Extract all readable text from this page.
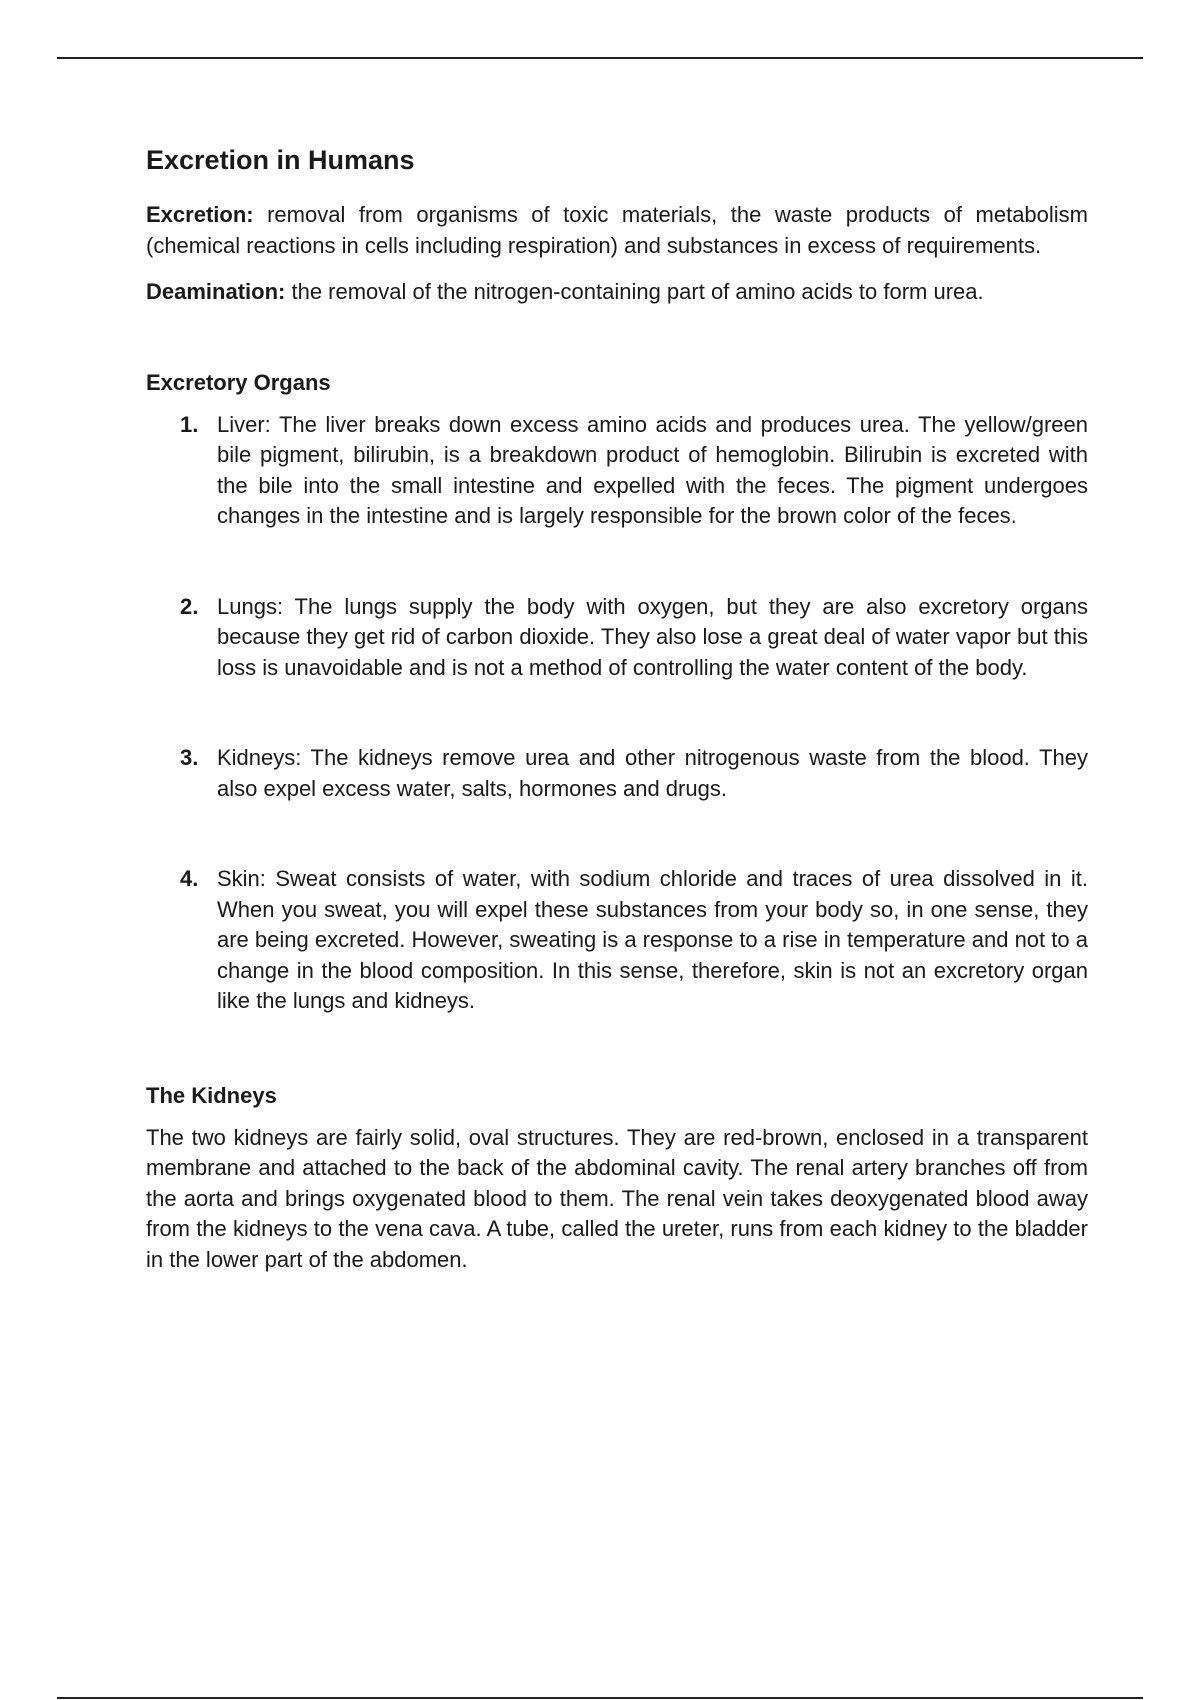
Excretion in Humans

Excretion: removal from organisms of toxic materials, the waste products of metabolism (chemical reactions in cells including respiration) and substances in excess of requirements.

Deamination: the removal of the nitrogen-containing part of amino acids to form urea.

Excretory Organs
1. Liver: The liver breaks down excess amino acids and produces urea. The yellow/green bile pigment, bilirubin, is a breakdown product of hemoglobin. Bilirubin is excreted with the bile into the small intestine and expelled with the feces. The pigment undergoes changes in the intestine and is largely responsible for the brown color of the feces.

2. Lungs: The lungs supply the body with oxygen, but they are also excretory organs because they get rid of carbon dioxide. They also lose a great deal of water vapor but this loss is unavoidable and is not a method of controlling the water content of the body.

3. Kidneys: The kidneys remove urea and other nitrogenous waste from the blood. They also expel excess water, salts, hormones and drugs.

4. Skin: Sweat consists of water, with sodium chloride and traces of urea dissolved in it. When you sweat, you will expel these substances from your body so, in one sense, they are being excreted. However, sweating is a response to a rise in temperature and not to a change in the blood composition. In this sense, therefore, skin is not an excretory organ like the lungs and kidneys.

The Kidneys

The two kidneys are fairly solid, oval structures. They are red-brown, enclosed in a transparent membrane and attached to the back of the abdominal cavity. The renal artery branches off from the aorta and brings oxygenated blood to them. The renal vein takes deoxygenated blood away from the kidneys to the vena cava. A tube, called the ureter, runs from each kidney to the bladder in the lower part of the abdomen.
